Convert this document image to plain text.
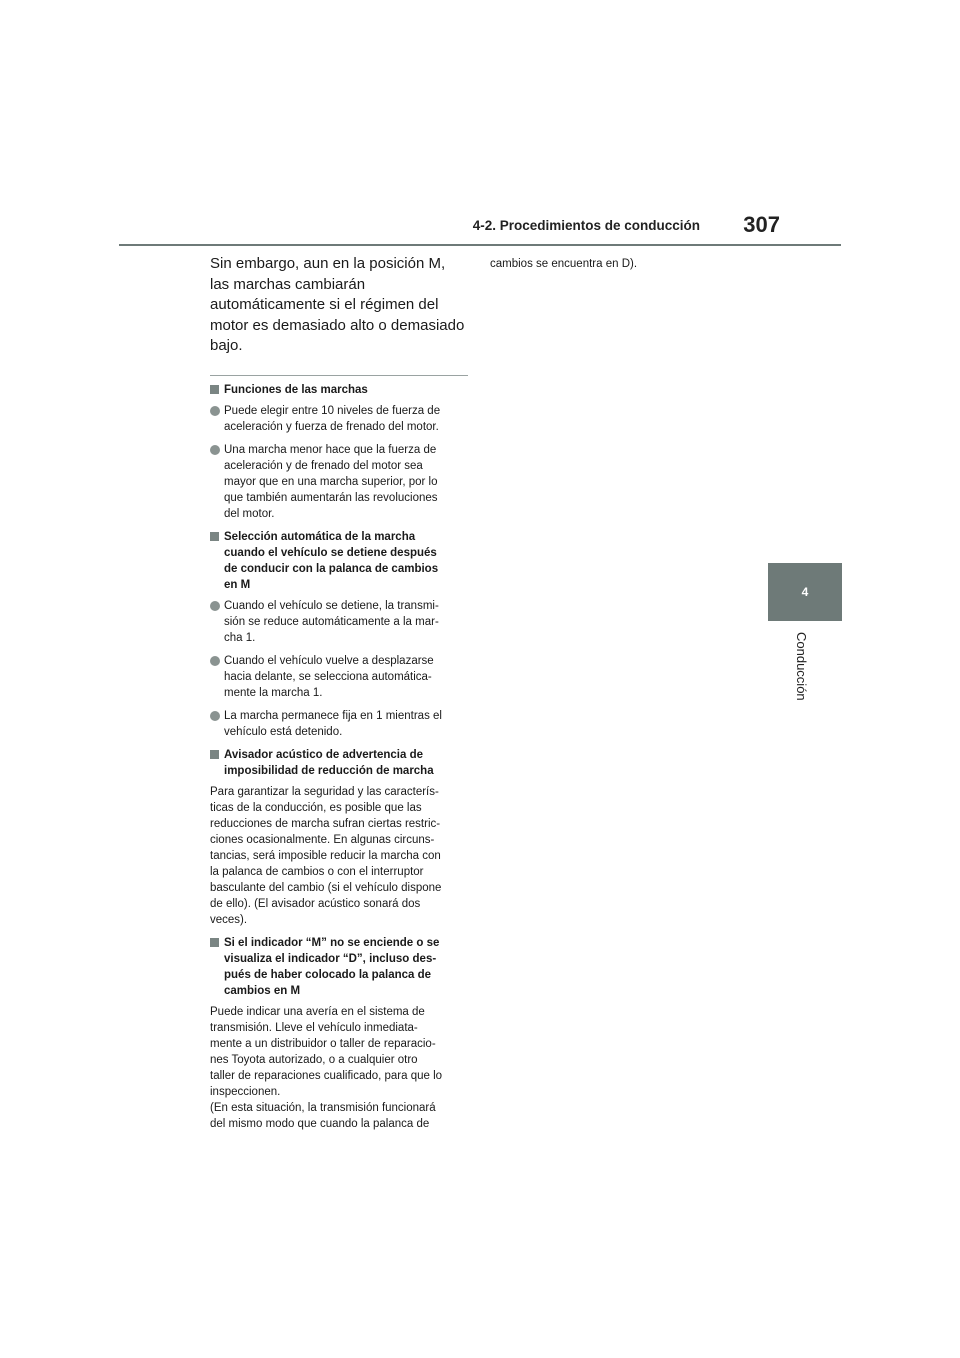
4-2. Procedimientos de conducción	307
4
Conducción

Sin embargo, aun en la posición M, las marchas cambiarán automáticamente si el régimen del motor es demasiado alto o demasiado bajo.

Funciones de las marchas
Puede elegir entre 10 niveles de fuerza de
aceleración y fuerza de frenado del motor.
Una marcha menor hace que la fuerza de
aceleración y de frenado del motor sea
mayor que en una marcha superior, por lo
que también aumentarán las revoluciones
del motor.
Selección automática de la marcha
cuando el vehículo se detiene después
de conducir con la palanca de cambios
en M
Cuando el vehículo se detiene, la transmi-
sión se reduce automáticamente a la mar-
cha 1.
Cuando el vehículo vuelve a desplazarse
hacia delante, se selecciona automática-
mente la marcha 1.
La marcha permanece fija en 1 mientras el
vehículo está detenido.
Avisador acústico de advertencia de
imposibilidad de reducción de marcha
Para garantizar la seguridad y las caracterís-
ticas de la conducción, es posible que las
reducciones de marcha sufran ciertas restric-
ciones ocasionalmente. En algunas circuns-
tancias, será imposible reducir la marcha con
la palanca de cambios o con el interruptor
basculante del cambio (si el vehículo dispone
de ello). (El avisador acústico sonará dos
veces).
Si el indicador “M” no se enciende o se
visualiza el indicador “D”, incluso des-
pués de haber colocado la palanca de
cambios en M
Puede indicar una avería en el sistema de
transmisión. Lleve el vehículo inmediata-
mente a un distribuidor o taller de reparacio-
nes Toyota autorizado, o a cualquier otro
taller de reparaciones cualificado, para que lo
inspeccionen.
(En esta situación, la transmisión funcionará
del mismo modo que cuando la palanca de
cambios se encuentra en D).
